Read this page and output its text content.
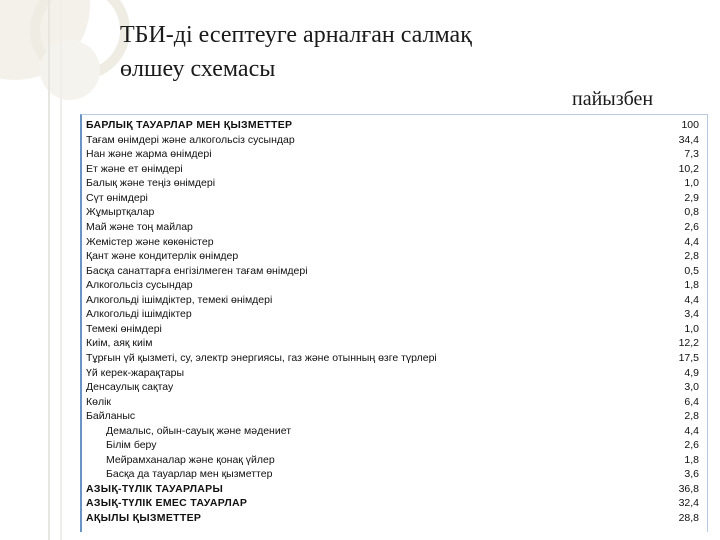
ТБИ-ді есептеуге арналған салмақ
өлшеу схемасы
пайызбен
БАРЛЫҚ ТАУАРЛАР МЕН ҚЫЗМЕТТЕР	100
Тағам өнімдері және алкогольсіз сусындар	34,4
Нан және жарма өнімдері	7,3
Ет және ет өнімдері	10,2
Балық және теңіз өнімдері	1,0
Сүт өнімдері	2,9
Жұмыртқалар	0,8
Май және тоң майлар	2,6
Жемістер және көкөністер	4,4
Қант және кондитерлік өнімдер	2,8
Басқа санаттарға енгізілмеген тағам өнімдері	0,5
Алкогольсіз сусындар	1,8
Алкогольді ішімдіктер, темекі өнімдері	4,4
Алкогольді ішімдіктер	3,4
Темекі өнімдері	1,0
Киім, аяқ киім	12,2
Тұрғын үй қызметі, су, электр энергиясы, газ және отынның өзге түрлері	17,5
Үй керек-жарақтары	4,9
Денсаулық сақтау	3,0
Көлік	6,4
Байланыс	2,8
Демалыс, ойын-сауық және мәдениет	4,4
Білім беру	2,6
Мейрамханалар және қонақ үйлер	1,8
Басқа да тауарлар мен қызметтер	3,6
АЗЫҚ-ТҮЛІК ТАУАРЛАРЫ	36,8
АЗЫҚ-ТҮЛІК ЕМЕС ТАУАРЛАР	32,4
АҚЫЛЫ ҚЫЗМЕТТЕР	28,8
